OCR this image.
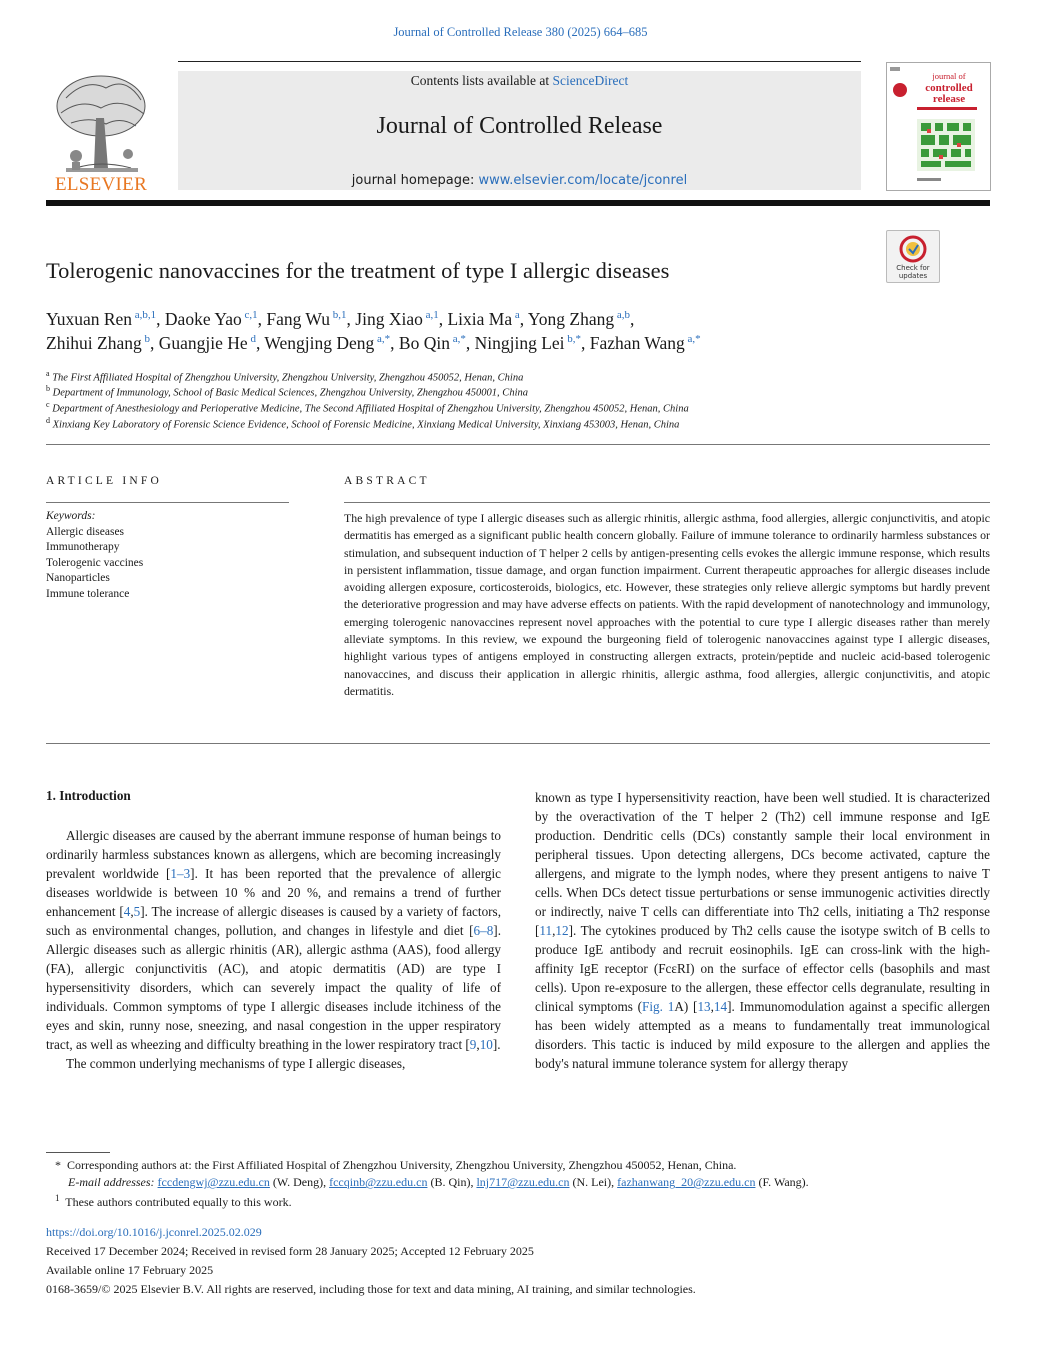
Journal of Controlled Release 380 (2025) 664–685
Contents lists available at ScienceDirect
Journal of Controlled Release
journal homepage: www.elsevier.com/locate/jconrel
ELSEVIER
journal of
controlled
release
Tolerogenic nanovaccines for the treatment of type I allergic diseases	Check for
updates
Yuxuan Ren $^{a,b,1}$, Daoke Yao $^{c,1}$, Fang Wu $^{b,1}$, Jing Xiao $^{a,1}$, Lixia Ma $^a$, Yong Zhang $^{a,b}$,
Zhihui Zhang $^b$, Guangjie He $^d$, Wengjing Deng $^{a,*}$, Bo Qin $^{a,*}$, Ningjing Lei $^{b,*}$, Fazhan Wang $^{a,*}$
$^a$ The First Affiliated Hospital of Zhengzhou University, Zhengzhou University, Zhengzhou 450052, Henan, China
$^b$ Department of Immunology, School of Basic Medical Sciences, Zhengzhou University, Zhengzhou 450001, China
$^c$ Department of Anesthesiology and Perioperative Medicine, The Second Affiliated Hospital of Zhengzhou University, Zhengzhou 450052, Henan, China
$^d$ Xinxiang Key Laboratory of Forensic Science Evidence, School of Forensic Medicine, Xinxiang Medical University, Xinxiang 453003, Henan, China
ARTICLE INFO
Keywords:
Allergic diseases
Immunotherapy
Tolerogenic vaccines
Nanoparticles
Immune tolerance
ABSTRACT
The high prevalence of type I allergic diseases such as allergic rhinitis, allergic asthma, food allergies, allergic conjunctivitis, and atopic dermatitis has emerged as a significant public health concern globally. Failure of immune tolerance to ordinarily harmless substances or stimulation, and subsequent induction of T helper 2 cells by antigen-presenting cells evokes the allergic immune response, which results in persistent inflammation, tissue damage, and organ function impairment. Current therapeutic approaches for allergic diseases include avoiding allergen exposure, corticosteroids, biologics, etc. However, these strategies only relieve allergic symptoms but hardly prevent the deteriorative progression and may have adverse effects on patients. With the rapid development of nanotechnology and immunology, emerging tolerogenic nanovaccines represent novel approaches with the potential to cure type I allergic diseases rather than merely alleviate symptoms. In this review, we expound the burgeoning field of tolerogenic nanovaccines against type I allergic diseases, highlight various types of antigens employed in constructing allergen extracts, protein/peptide and nucleic acid-based tolerogenic nanovaccines, and discuss their application in allergic rhinitis, allergic asthma, food allergies, allergic conjunctivitis, and atopic dermatitis.
1. Introduction

Allergic diseases are caused by the aberrant immune response of human beings to ordinarily harmless substances known as allergens, which are becoming increasingly prevalent worldwide [1–3]. It has been reported that the prevalence of allergic diseases worldwide is between 10 % and 20 %, and remains a trend of further enhancement [4,5]. The increase of allergic diseases is caused by a variety of factors, such as environmental changes, pollution, and changes in lifestyle and diet [6–8]. Allergic diseases such as allergic rhinitis (AR), allergic asthma (AAS), food allergy (FA), allergic conjunctivitis (AC), and atopic dermatitis (AD) are type I hypersensitivity disorders, which can severely impact the quality of life of individuals. Common symptoms of type I allergic diseases include itchiness of the eyes and skin, runny nose, sneezing, and nasal congestion in the upper respiratory tract, as well as wheezing and difficulty breathing in the lower respiratory tract [9,10].

The common underlying mechanisms of type I allergic diseases,

known as type I hypersensitivity reaction, have been well studied. It is characterized by the overactivation of the T helper 2 (Th2) cell immune response and IgE production. Dendritic cells (DCs) constantly sample their local environment in peripheral tissues. Upon detecting allergens, DCs become activated, capture the allergens, and migrate to the lymph nodes, where they present antigens to naive T cells. When DCs detect tissue perturbations or sense immunogenic activities directly or indirectly, naive T cells can differentiate into Th2 cells, initiating a Th2 response [11,12]. The cytokines produced by Th2 cells cause the isotype switch of B cells to produce IgE antibody and recruit eosinophils. IgE can cross-link with the high-affinity IgE receptor (FcεRI) on the surface of effector cells (basophils and mast cells). Upon re-exposure to the allergen, these effector cells degranulate, resulting in clinical symptoms (Fig. 1A) [13,14]. Immunomodulation against a specific allergen has been widely attempted as a means to fundamentally treat immunological disorders. This tactic is induced by mild exposure to the allergen and applies the body's natural immune tolerance system for allergy therapy

* Corresponding authors at: the First Affiliated Hospital of Zhengzhou University, Zhengzhou University, Zhengzhou 450052, Henan, China.
E-mail addresses: fccdengwj@zzu.edu.cn (W. Deng), fccqinb@zzu.edu.cn (B. Qin), lnj717@zzu.edu.cn (N. Lei), fazhanwang_20@zzu.edu.cn (F. Wang).
$^1$ These authors contributed equally to this work.
https://doi.org/10.1016/j.jconrel.2025.02.029
Received 17 December 2024; Received in revised form 28 January 2025; Accepted 12 February 2025
Available online 17 February 2025
0168-3659/© 2025 Elsevier B.V. All rights are reserved, including those for text and data mining, AI training, and similar technologies.
